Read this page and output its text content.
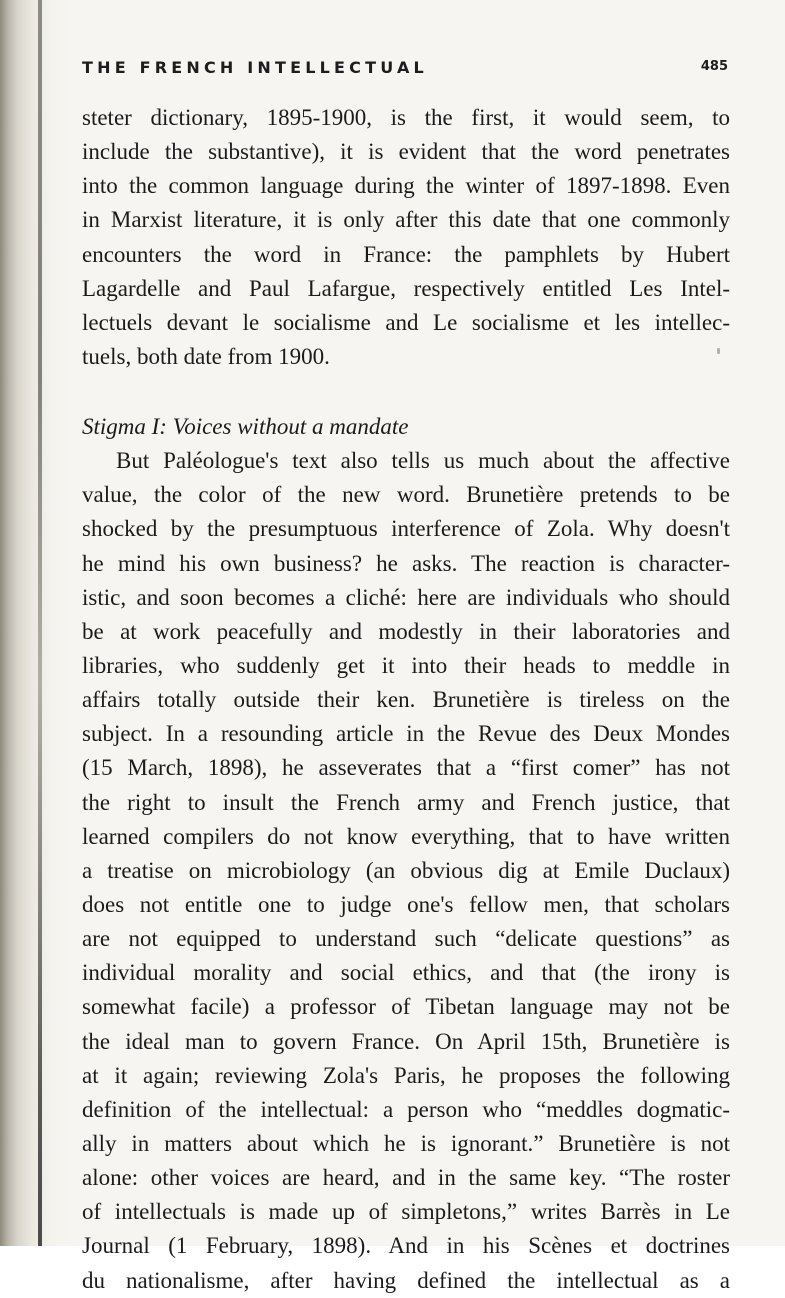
THE FRENCH INTELLECTUAL	485
steter dictionary, 1895-1900, is the first, it would seem, to
include the substantive), it is evident that the word penetrates
into the common language during the winter of 1897-1898. Even
in Marxist literature, it is only after this date that one commonly
encounters the word in France: the pamphlets by Hubert
Lagardelle and Paul Lafargue, respectively entitled Les Intel-
lectuels devant le socialisme and Le socialisme et les intellec-
tuels, both date from 1900.
Stigma I: Voices without a mandate
But Paléologue's text also tells us much about the affective
value, the color of the new word. Brunetière pretends to be
shocked by the presumptuous interference of Zola. Why doesn't
he mind his own business? he asks. The reaction is character-
istic, and soon becomes a cliché: here are individuals who should
be at work peacefully and modestly in their laboratories and
libraries, who suddenly get it into their heads to meddle in
affairs totally outside their ken. Brunetière is tireless on the
subject. In a resounding article in the Revue des Deux Mondes
(15 March, 1898), he asseverates that a “first comer” has not
the right to insult the French army and French justice, that
learned compilers do not know everything, that to have written
a treatise on microbiology (an obvious dig at Emile Duclaux)
does not entitle one to judge one's fellow men, that scholars
are not equipped to understand such “delicate questions” as
individual morality and social ethics, and that (the irony is
somewhat facile) a professor of Tibetan language may not be
the ideal man to govern France. On April 15th, Brunetière is
at it again; reviewing Zola's Paris, he proposes the following
definition of the intellectual: a person who “meddles dogmatic-
ally in matters about which he is ignorant.” Brunetière is not
alone: other voices are heard, and in the same key. “The roster
of intellectuals is made up of simpletons,” writes Barrès in Le
Journal (1 February, 1898). And in his Scènes et doctrines
du nationalisme, after having defined the intellectual as a
